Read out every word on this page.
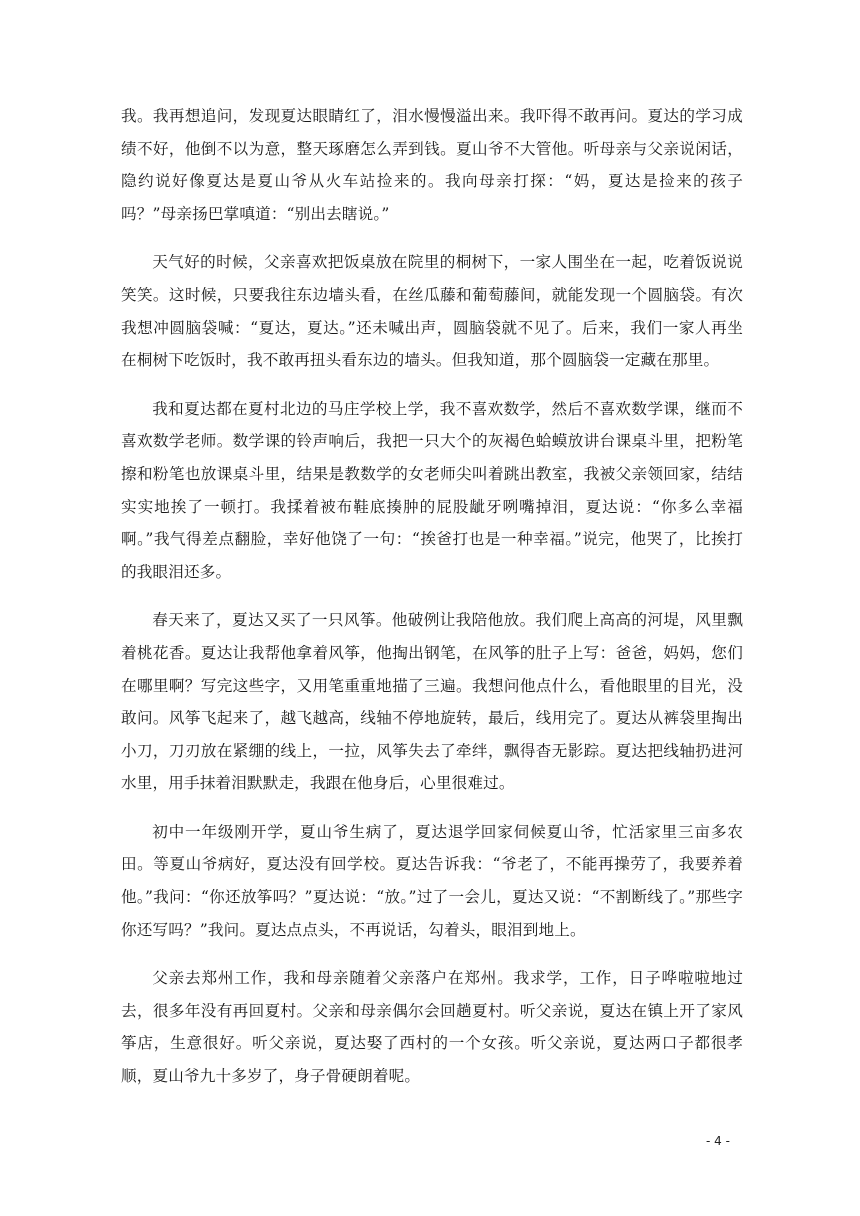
我。我再想追问，发现夏达眼睛红了，泪水慢慢溢出来。我吓得不敢再问。夏达的学习成绩不好，他倒不以为意，整天琢磨怎么弄到钱。夏山爷不大管他。听母亲与父亲说闲话，隐约说好像夏达是夏山爷从火车站捡来的。我向母亲打探：“妈，夏达是捡来的孩子吗？”母亲扬巴掌嗔道：“别出去瞎说。”

天气好的时候，父亲喜欢把饭桌放在院里的桐树下，一家人围坐在一起，吃着饭说说笑笑。这时候，只要我往东边墙头看，在丝瓜藤和葡萄藤间，就能发现一个圆脑袋。有次我想冲圆脑袋喊：“夏达，夏达。”还未喊出声，圆脑袋就不见了。后来，我们一家人再坐在桐树下吃饭时，我不敢再扭头看东边的墙头。但我知道，那个圆脑袋一定藏在那里。

我和夏达都在夏村北边的马庄学校上学，我不喜欢数学，然后不喜欢数学课，继而不喜欢数学老师。数学课的铃声响后，我把一只大个的灰褐色蛤蟆放讲台课桌斗里，把粉笔擦和粉笔也放课桌斗里，结果是教数学的女老师尖叫着跳出教室，我被父亲领回家，结结实实地挨了一顿打。我揉着被布鞋底揍肿的屁股龇牙咧嘴掉泪，夏达说：“你多么幸福啊。”我气得差点翻脸，幸好他饶了一句：“挨爸打也是一种幸福。”说完，他哭了，比挨打的我眼泪还多。

春天来了，夏达又买了一只风筝。他破例让我陪他放。我们爬上高高的河堤，风里飘着桃花香。夏达让我帮他拿着风筝，他掏出钢笔，在风筝的肚子上写：爸爸，妈妈，您们在哪里啊？写完这些字，又用笔重重地描了三遍。我想问他点什么，看他眼里的目光，没敢问。风筝飞起来了，越飞越高，线轴不停地旋转，最后，线用完了。夏达从裤袋里掏出小刀，刀刃放在紧绷的线上，一拉，风筝失去了牵绊，飘得杳无影踪。夏达把线轴扔进河水里，用手抹着泪默默走，我跟在他身后，心里很难过。

初中一年级刚开学，夏山爷生病了，夏达退学回家伺候夏山爷，忙活家里三亩多农田。等夏山爷病好，夏达没有回学校。夏达告诉我：“爷老了，不能再操劳了，我要养着他。”我问：“你还放筝吗？”夏达说：“放。”过了一会儿，夏达又说：“不割断线了。”那些字你还写吗？”我问。夏达点点头，不再说话，勾着头，眼泪到地上。

父亲去郑州工作，我和母亲随着父亲落户在郑州。我求学，工作，日子哗啦啦地过去，很多年没有再回夏村。父亲和母亲偶尔会回趟夏村。听父亲说，夏达在镇上开了家风筝店，生意很好。听父亲说，夏达娶了西村的一个女孩。听父亲说，夏达两口子都很孝顺，夏山爷九十多岁了，身子骨硬朗着呢。

- 4 -
